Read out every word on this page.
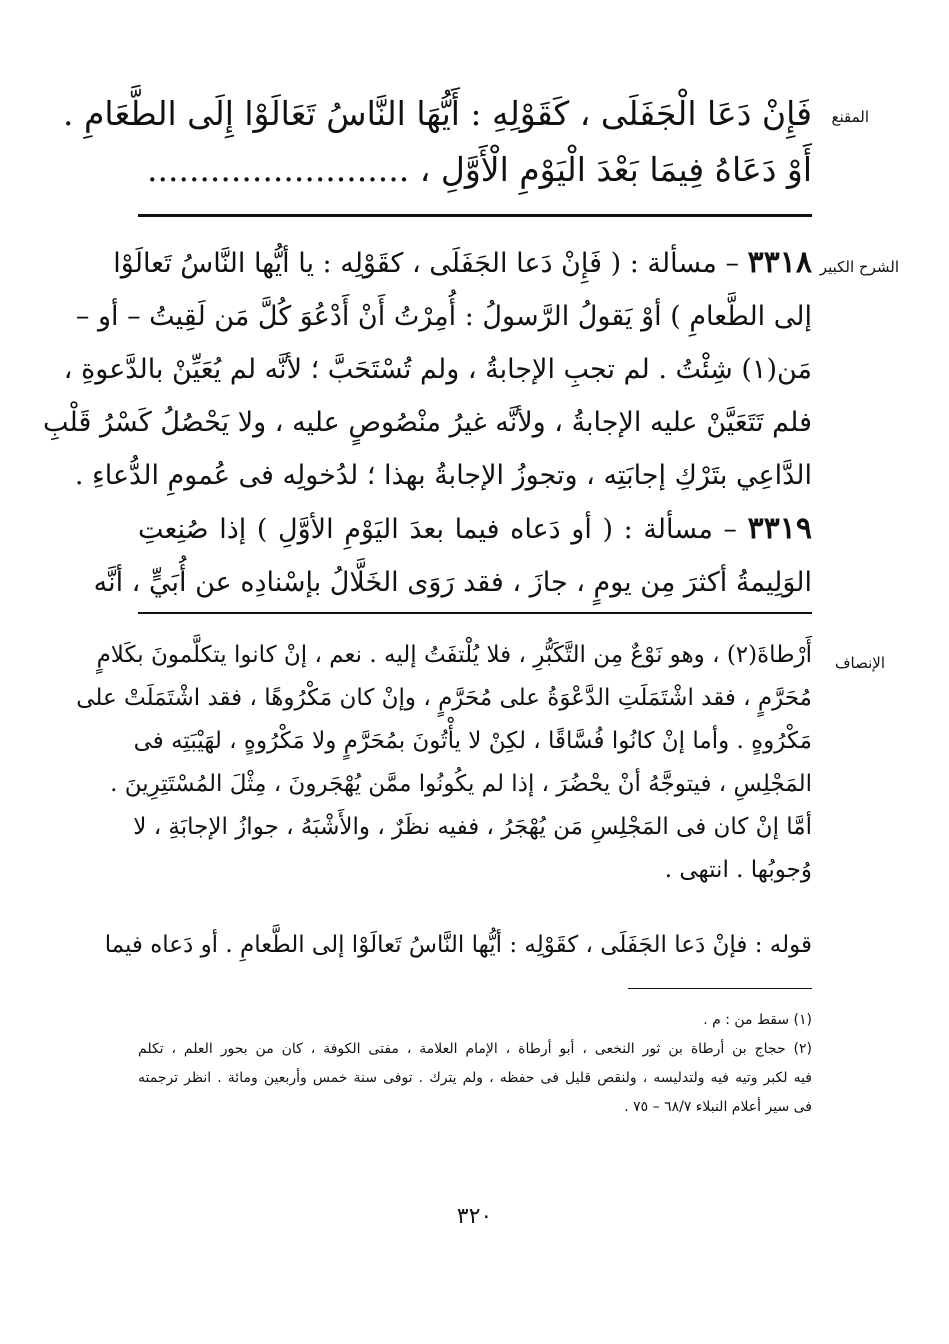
المقنع
فَإِنْ دَعَا الْجَفَلَى ، كَقَوْلِهِ : أَيُّهَا النَّاسُ تَعَالَوْا إِلَى الطَّعَامِ .
أَوْ دَعَاهُ فِيمَا بَعْدَ الْيَوْمِ الْأَوَّلِ ، .........................
الشرح الكبير
٣٣١٨ – مسألة : ( فَإِنْ دَعا الجَفَلَى ، كقَوْلِه : يا أيُّها النَّاسُ تَعالَوْا
إلى الطَّعامِ ) أوْ يَقولُ الرَّسولُ : أُمِرْتُ أَنْ أَدْعُوَ كُلَّ مَن لَقِيتُ – أو –
مَن(١) شِئْتُ . لم تجبِ الإجابةُ ، ولم تُسْتَحَبَّ ؛ لأنَّه لم يُعَيِّنْ بالدَّعوةِ ،
فلم تَتَعَيَّنْ عليه الإجابةُ ، ولأنَّه غيرُ منْصُوصٍ عليه ، ولا يَحْصُلُ كَسْرُ قَلْبِ
الدَّاعِي بتَرْكِ إجابَتِه ، وتجوزُ الإجابةُ بهذا ؛ لدُخولِه فى عُمومِ الدُّعاءِ .
٣٣١٩ – مسألة : ( أو دَعاه فيما بعدَ اليَوْمِ الأوَّلِ ) إذا صُنِعتِ
الوَلِيمةُ أكثرَ مِن يومٍ ، جازَ ، فقد رَوَى الخَلَّالُ بإسْنادِه عن أُبَيٍّ ، أنَّه
الإنصاف
أَرْطاةَ(٢) ، وهو نَوْعٌ مِن التَّكَبُّرِ ، فلا يُلْتفَتُ إليه . نعم ، إنْ كانوا يتكلَّمونَ بكَلامٍ
مُحَرَّمٍ ، فقد اشْتَمَلَتِ الدَّعْوَةُ على مُحَرَّمٍ ، وإنْ كان مَكْرُوهًا ، فقد اشْتَمَلَتْ على
مَكْرُوهٍ . وأما إنْ كانُوا فُسَّاقًا ، لكِنْ لا يأْتُونَ بمُحَرَّمٍ ولا مَكْرُوهٍ ، لهَيْبَتِه فى
المَجْلِسِ ، فيتوجَّهُ أنْ يحْضُرَ ، إذا لم يكُونُوا ممَّن يُهْجَرونَ ، مِثْلَ المُسْتَتِرِينَ .
أمَّا إنْ كان فى المَجْلِسِ مَن يُهْجَرُ ، ففيه نظَرٌ ، والأَشْبَهُ ، جوازُ الإجابَةِ ، لا
وُجوبُها . انتهى .
قوله : فإنْ دَعا الجَفَلَى ، كقَوْلِه : أيُّها النَّاسُ تَعالَوْا إلى الطَّعامِ . أو دَعاه فيما
(١) سقط من : م .
(٢) حجاج بن أرطاة بن ثور النخعى ، أبو أرطاة ، الإمام العلامة ، مفتى الكوفة ، كان من بحور العلم ، تكلم
فيه لكبر وتيه فيه ولتدليسه ، ولنقص قليل فى حفظه ، ولم يترك . توفى سنة خمس وأربعين ومائة . انظر ترجمته
فى سير أعلام النبلاء ٦٨/٧ – ٧٥ .
٣٢٠
